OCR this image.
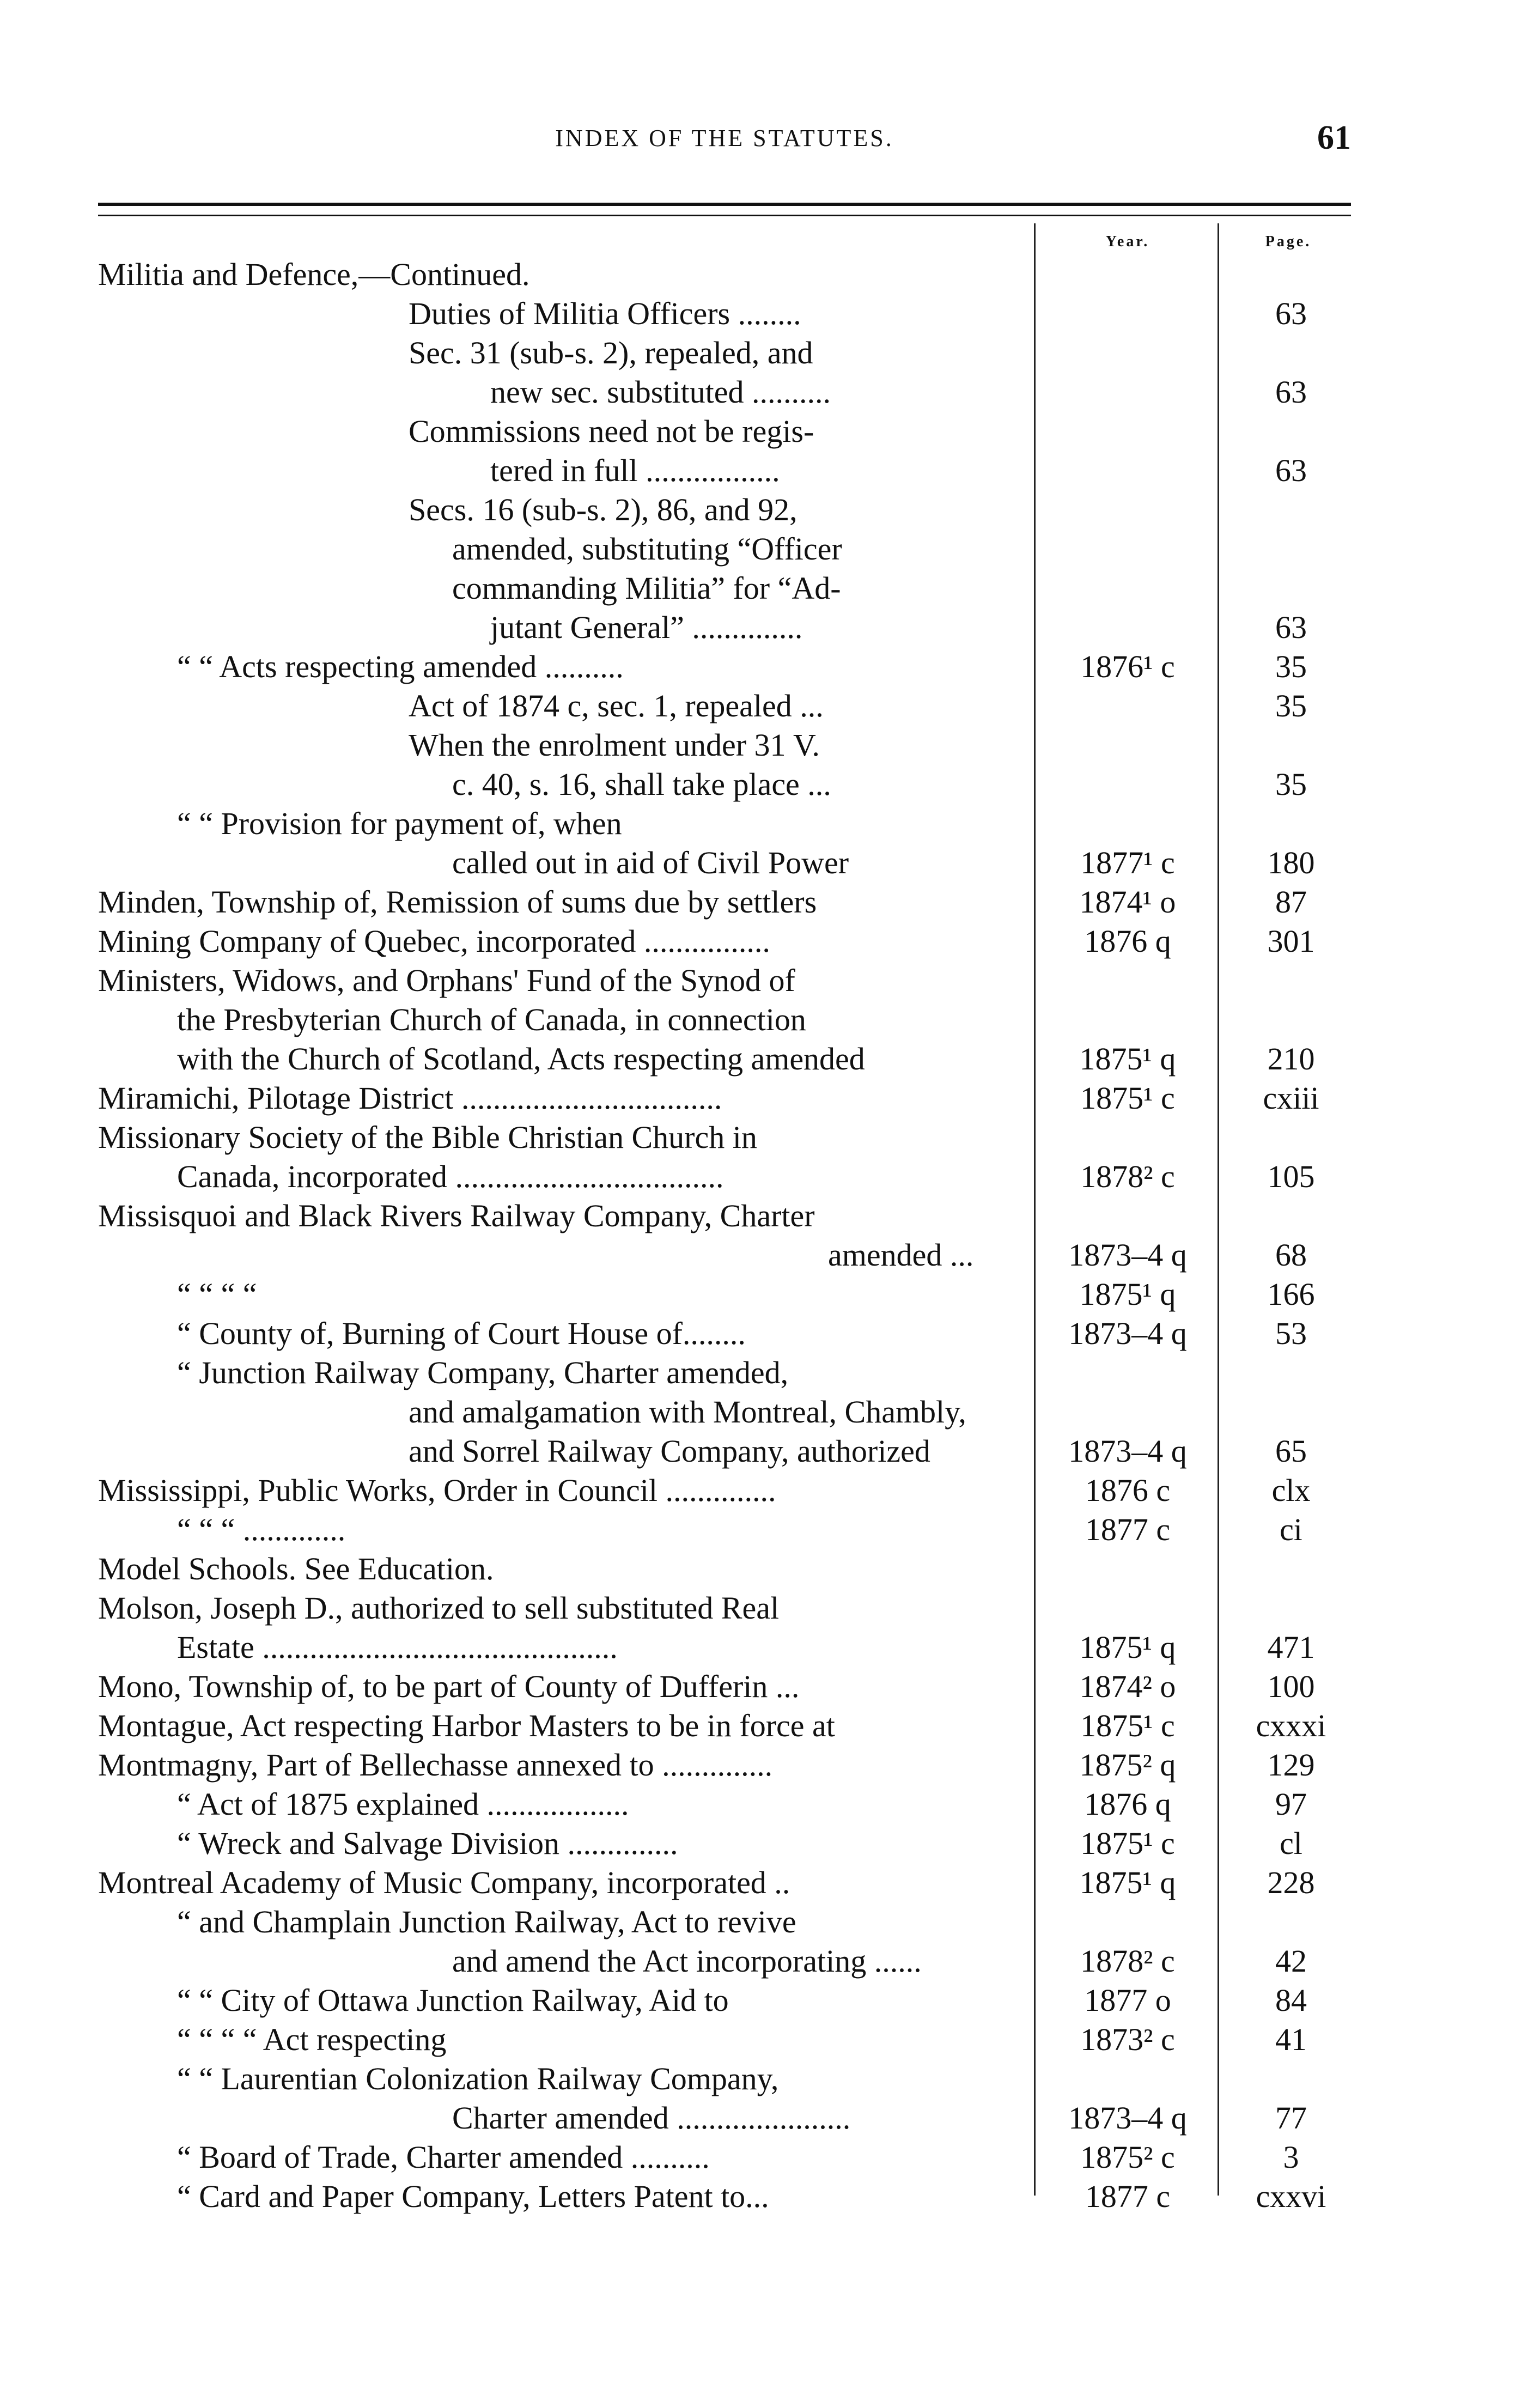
INDEX OF THE STATUTES.	61
Year.	Page.
Militia and Defence,—Continued.
Duties of Militia Officers ........	63
Sec. 31 (sub-s. 2), repealed, and
new sec. substituted ..........	63
Commissions need not be regis-
tered in full .................	63
Secs. 16 (sub-s. 2), 86, and 92,
amended, substituting “Officer
commanding Militia” for “Ad-
jutant General” ..............	63
“ “ Acts respecting amended ..........	1876¹ c	35
Act of 1874 c, sec. 1, repealed ...	35
When the enrolment under 31 V.
c. 40, s. 16, shall take place ...	35
“ “ Provision for payment of, when
called out in aid of Civil Power	1877¹ c	180
Minden, Township of, Remission of sums due by settlers	1874¹ o	87
Mining Company of Quebec, incorporated ................	1876 q	301
Ministers, Widows, and Orphans' Fund of the Synod of
the Presbyterian Church of Canada, in connection
with the Church of Scotland, Acts respecting amended	1875¹ q	210
Miramichi, Pilotage District .................................	1875¹ c	cxiii
Missionary Society of the Bible Christian Church in
Canada, incorporated ..................................	1878² c	105
Missisquoi and Black Rivers Railway Company, Charter
amended ...	1873–4 q	68
“ “ “ “	1875¹ q	166
“ County of, Burning of Court House of........	1873–4 q	53
“ Junction Railway Company, Charter amended,
and amalgamation with Montreal, Chambly,
and Sorrel Railway Company, authorized	1873–4 q	65
Mississippi, Public Works, Order in Council ..............	1876 c	clx
“ “ “ .............	1877 c	ci
Model Schools. See Education.
Molson, Joseph D., authorized to sell substituted Real
Estate .............................................	1875¹ q	471
Mono, Township of, to be part of County of Dufferin ...	1874² o	100
Montague, Act respecting Harbor Masters to be in force at	1875¹ c	cxxxi
Montmagny, Part of Bellechasse annexed to ..............	1875² q	129
“ Act of 1875 explained ..................	1876 q	97
“ Wreck and Salvage Division ..............	1875¹ c	cl
Montreal Academy of Music Company, incorporated ..	1875¹ q	228
“ and Champlain Junction Railway, Act to revive
and amend the Act incorporating ......	1878² c	42
“ “ City of Ottawa Junction Railway, Aid to	1877 o	84
“ “ “ “ Act respecting	1873² c	41
“ “ Laurentian Colonization Railway Company,
Charter amended ......................	1873–4 q	77
“ Board of Trade, Charter amended ..........	1875² c	3
“ Card and Paper Company, Letters Patent to...	1877 c	cxxvi
